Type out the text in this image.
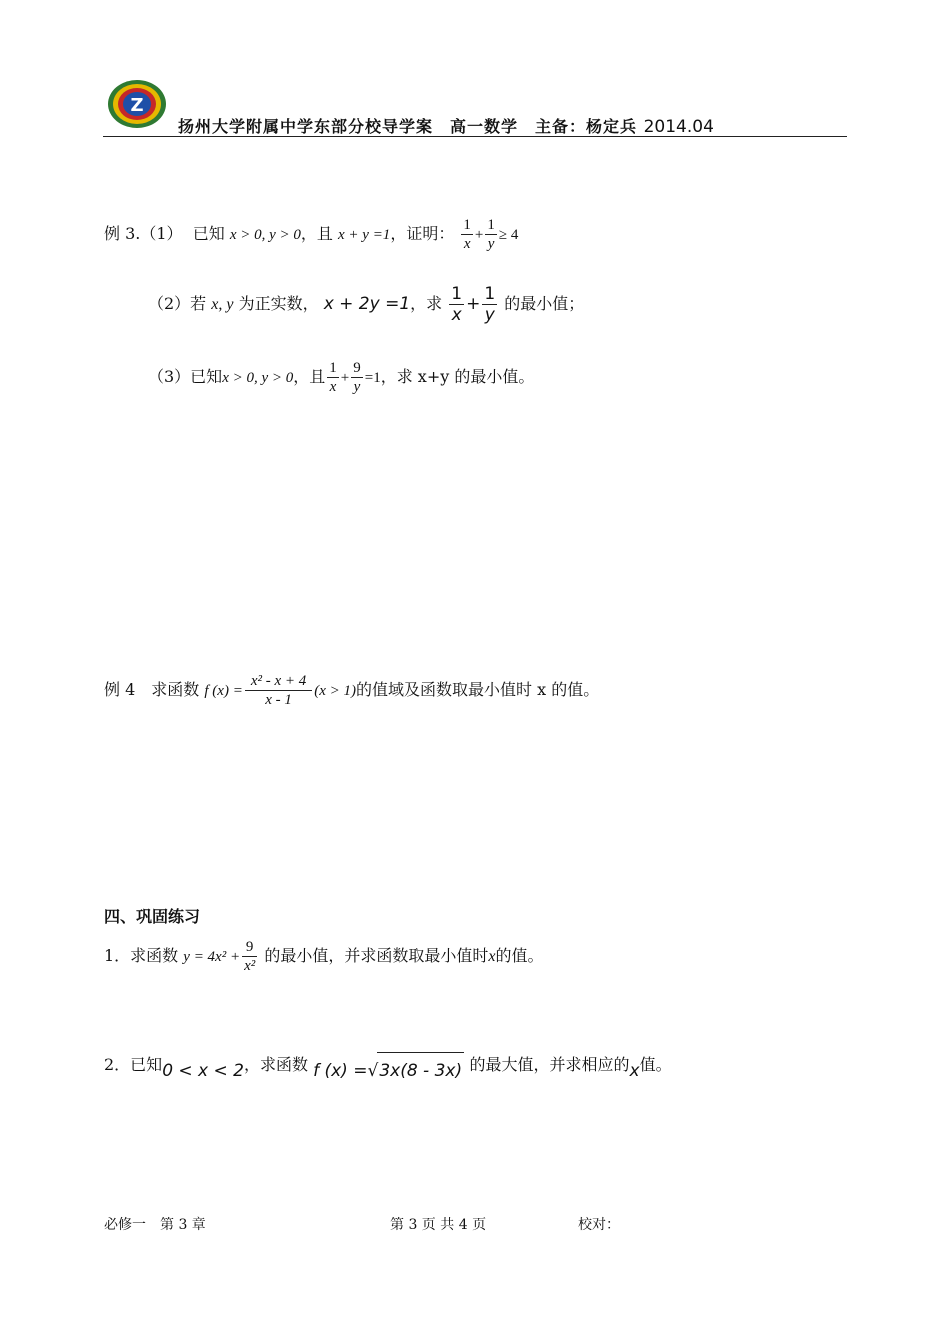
Z
扬州大学附属中学东部分校导学案　高一数学　主备：杨定兵 2014.04
例 3.（1） 已知 x > 0, y > 0，且 x + y =1，证明： $\frac{1}{x} + \frac{1}{y} \ge 4$
（2）若 x, y 为正实数， x + 2y =1，求 $\frac{1}{x} + \frac{1}{y}$ 的最小值；
（3）已知x > 0, y > 0，且 $\frac{1}{x} + \frac{9}{y} =1$，求 x+y 的最小值。
例 4　求函数 f $(x) = \frac{\text{x² - x + 4}}{x - 1} (x > 1)$的值域及函数取最小值时 x 的值。
四、巩固练习
1．求函数 $y = 4x^2 + \frac{9}{\text{x²}}$ 的最小值，并求函数取最小值时x的值。
2．已知0 < x < 2，求函数 f (x) =√3x(8 - 3x) 的最大值，并求相应的x值。
必修一　第 3 章	第 3 页 共 4 页	校对：
